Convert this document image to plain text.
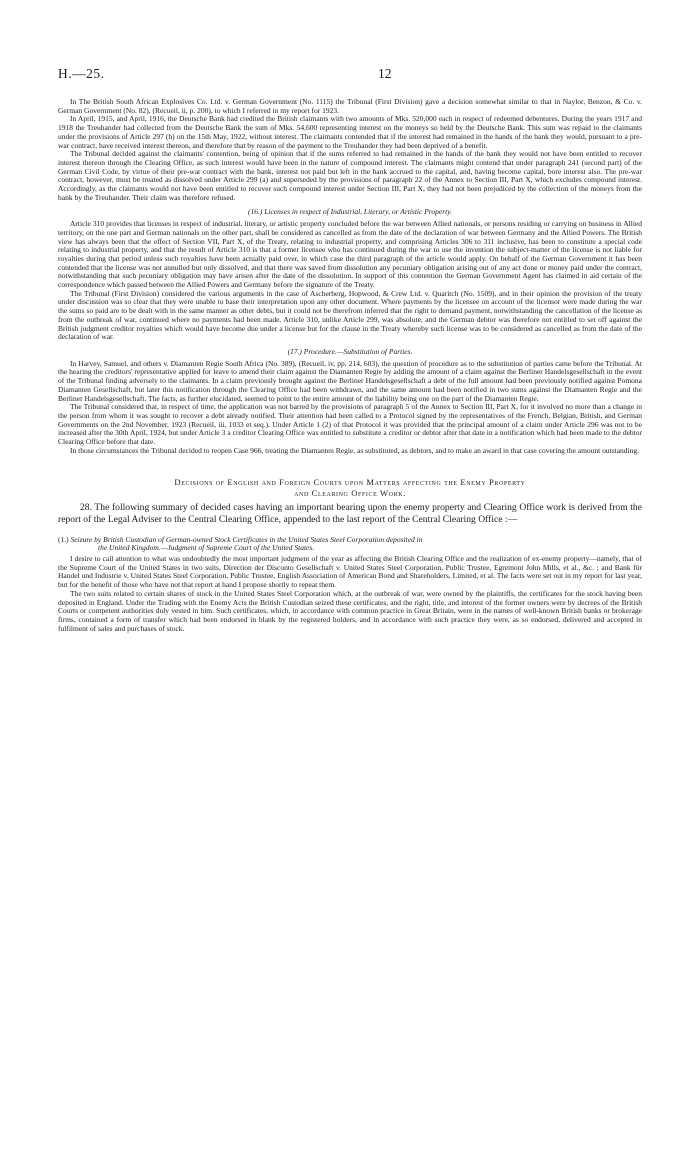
H.—25.	12

In The British South African Explosives Co. Ltd. v. German Government (No. 1115) the Tribunal (First Division) gave a decision somewhat similar to that in Naylor, Benzon, & Co. v. German Government (No. 82), (Recueil, ii, p. 200), to which I referred in my report for 1923.

In April, 1915, and April, 1916, the Deutsche Bank had credited the British claimants with two amounts of Mks. 520,000 each in respect of redeemed debentures. During the years 1917 and 1918 the Treuhander had collected from the Deutsche Bank the sum of Mks. 54,600 representing interest on the moneys so held by the Deutsche Bank. This sum was repaid to the claimants under the provisions of Article 297 (h) on the 15th May, 1922, without interest. The claimants contended that if the interest had remained in the hands of the bank they would, pursuant to a pre-war contract, have received interest thereon, and therefore that by reason of the payment to the Treuhander they had been deprived of a benefit.

The Tribunal decided against the claimants' contention, being of opinion that if the sums referred to had remained in the hands of the bank they would not have been entitled to recover interest thereon through the Clearing Office, as such interest would have been in the nature of compound interest. The claimants might contend that under paragraph 241 (second part) of the German Civil Code, by virtue of their pre-war contract with the bank, interest not paid but left in the bank accrued to the capital, and, having become capital, bore interest also. The pre-war contract, however, must be treated as dissolved under Article 299 (a) and superseded by the provisions of paragraph 22 of the Annex to Section III, Part X, which excludes compound interest. Accordingly, as the claimants would not have been entitled to recover such compound interest under Section III, Part X, they had not been prejudiced by the collection of the moneys from the bank by the Treuhander. Their claim was therefore refused.

(16.) Licenses in respect of Industrial, Literary, or Artistic Property.

Article 310 provides that licenses in respect of industrial, literary, or artistic property concluded before the war between Allied nationals, or persons residing or carrying on business in Allied territory, on the one part and German nationals on the other part, shall be considered as cancelled as from the date of the declaration of war between Germany and the Allied Powers. The British view has always been that the effect of Section VII, Part X, of the Treaty, relating to industrial property, and comprising Articles 306 to 311 inclusive, has been to constitute a special code relating to industrial property, and that the result of Article 310 is that a former licensee who has continued during the war to use the invention the subject-matter of the license is not liable for royalties during that period unless such royalties have been actually paid over, in which case the third paragraph of the article would apply. On behalf of the German Government it has been contended that the license was not annulled but only dissolved, and that there was saved from dissolution any pecuniary obligation arising out of any act done or money paid under the contract, notwithstanding that such pecuniary obligation may have arisen after the date of the dissolution. In support of this contention the German Government Agent has claimed in aid certain of the correspondence which passed between the Allied Powers and Germany before the signature of the Treaty.

The Tribunal (First Division) considered the various arguments in the case of Ascherberg, Hopwood, & Crew Ltd. v. Quaritch (No. 1509), and in their opinion the provision of the treaty under discussion was so clear that they were unable to base their interpretation upon any other document. Where payments by the licensee on account of the licensor were made during the war the sums so paid are to be dealt with in the same manner as other debts, but it could not be therefrom inferred that the right to demand payment, notwithstanding the cancellation of the license as from the outbreak of war, continued where no payments had been made. Article 310, unlike Article 299, was absolute, and the German debtor was therefore not entitled to set off against the British judgment creditor royalties which would have become due under a license but for the clause in the Treaty whereby such license was to be considered as cancelled as from the date of the declaration of war.

(17.) Procedure.—Substitution of Parties.

In Harvey, Samuel, and others v. Diamanten Regie South Africa (No. 389), (Recueil, iv, pp. 214, 603), the question of procedure as to the substitution of parties came before the Tribunal. At the hearing the creditors' representative applied for leave to amend their claim against the Diamanten Regie by adding the amount of a claim against the Berliner Handelsgesellschaft in the event of the Tribunal finding adversely to the claimants. In a claim previously brought against the Berliner Handelsgesellschaft a debt of the full amount had been previously notified against Pomona Diamanten Gesellschaft, but later this notification through the Clearing Office had been withdrawn, and the same amount had been notified in two sums against the Diamanten Regie and the Berliner Handelsgesellschaft. The facts, as further elucidated, seemed to point to the entire amount of the liability being one on the part of the Diamanten Regie.

The Tribunal considered that, in respect of time, the application was not barred by the provisions of paragraph 5 of the Annex to Section III, Part X, for it involved no more than a change in the person from whom it was sought to recover a debt already notified. Their attention had been called to a Protocol signed by the representatives of the French, Belgian, British, and German Governments on the 2nd November, 1923 (Recueil, iii, 1033 et seq.). Under Article 1 (2) of that Protocol it was provided that the principal amount of a claim under Article 296 was not to be increased after the 30th April, 1924, but under Article 3 a creditor Clearing Office was entitled to substitute a creditor or debtor after that date in a notification which had been made to the debtor Clearing Office before that date.

In those circumstances the Tribunal decided to reopen Case 966, treating the Diamanten Regie, as substituted, as debtors, and to make an award in that case covering the amount outstanding.

Decisions of English and Foreign Courts upon Matters affecting the Enemy Property
and Clearing Office Work.

28. The following summary of decided cases having an important bearing upon the enemy property and Clearing Office work is derived from the report of the Legal Adviser to the Central Clearing Office, appended to the last report of the Central Clearing Office :—

(1.) Seizure by British Custodian of German-owned Stock Certificates in the United States Steel Corporation deposited in
the United Kingdom.—Judgment of Supreme Court of the United States.

I desire to call attention to what was undoubtedly the most important judgment of the year as affecting the British Clearing Office and the realization of ex-enemy property—namely, that of the Supreme Court of the United States in two suits, Direction der Disconto Gesellschaft v. United States Steel Corporation, Public Trustee, Egremont John Mills, et al., &c. ; and Bank für Handel und Industrie v. United States Steel Corporation, Public Trustee, English Association of American Bond and Shareholders, Limited, et al. The facts were set out in my report for last year, but for the benefit of those who have not that report at hand I propose shortly to repeat them.

The two suits related to certain shares of stock in the United States Steel Corporation which, at the outbreak of war, were owned by the plaintiffs, the certificates for the stock having been deposited in England. Under the Trading with the Enemy Acts the British Custodian seized these certificates, and the right, title, and interest of the former owners were by decrees of the British Courts or competent authorities duly vested in him. Such certificates, which, in accordance with common practice in Great Britain, were in the names of well-known British banks or brokerage firms, contained a form of transfer which had been endorsed in blank by the registered holders, and in accordance with such practice they were, as so endorsed, delivered and accepted in fulfilment of sales and purchases of stock.
